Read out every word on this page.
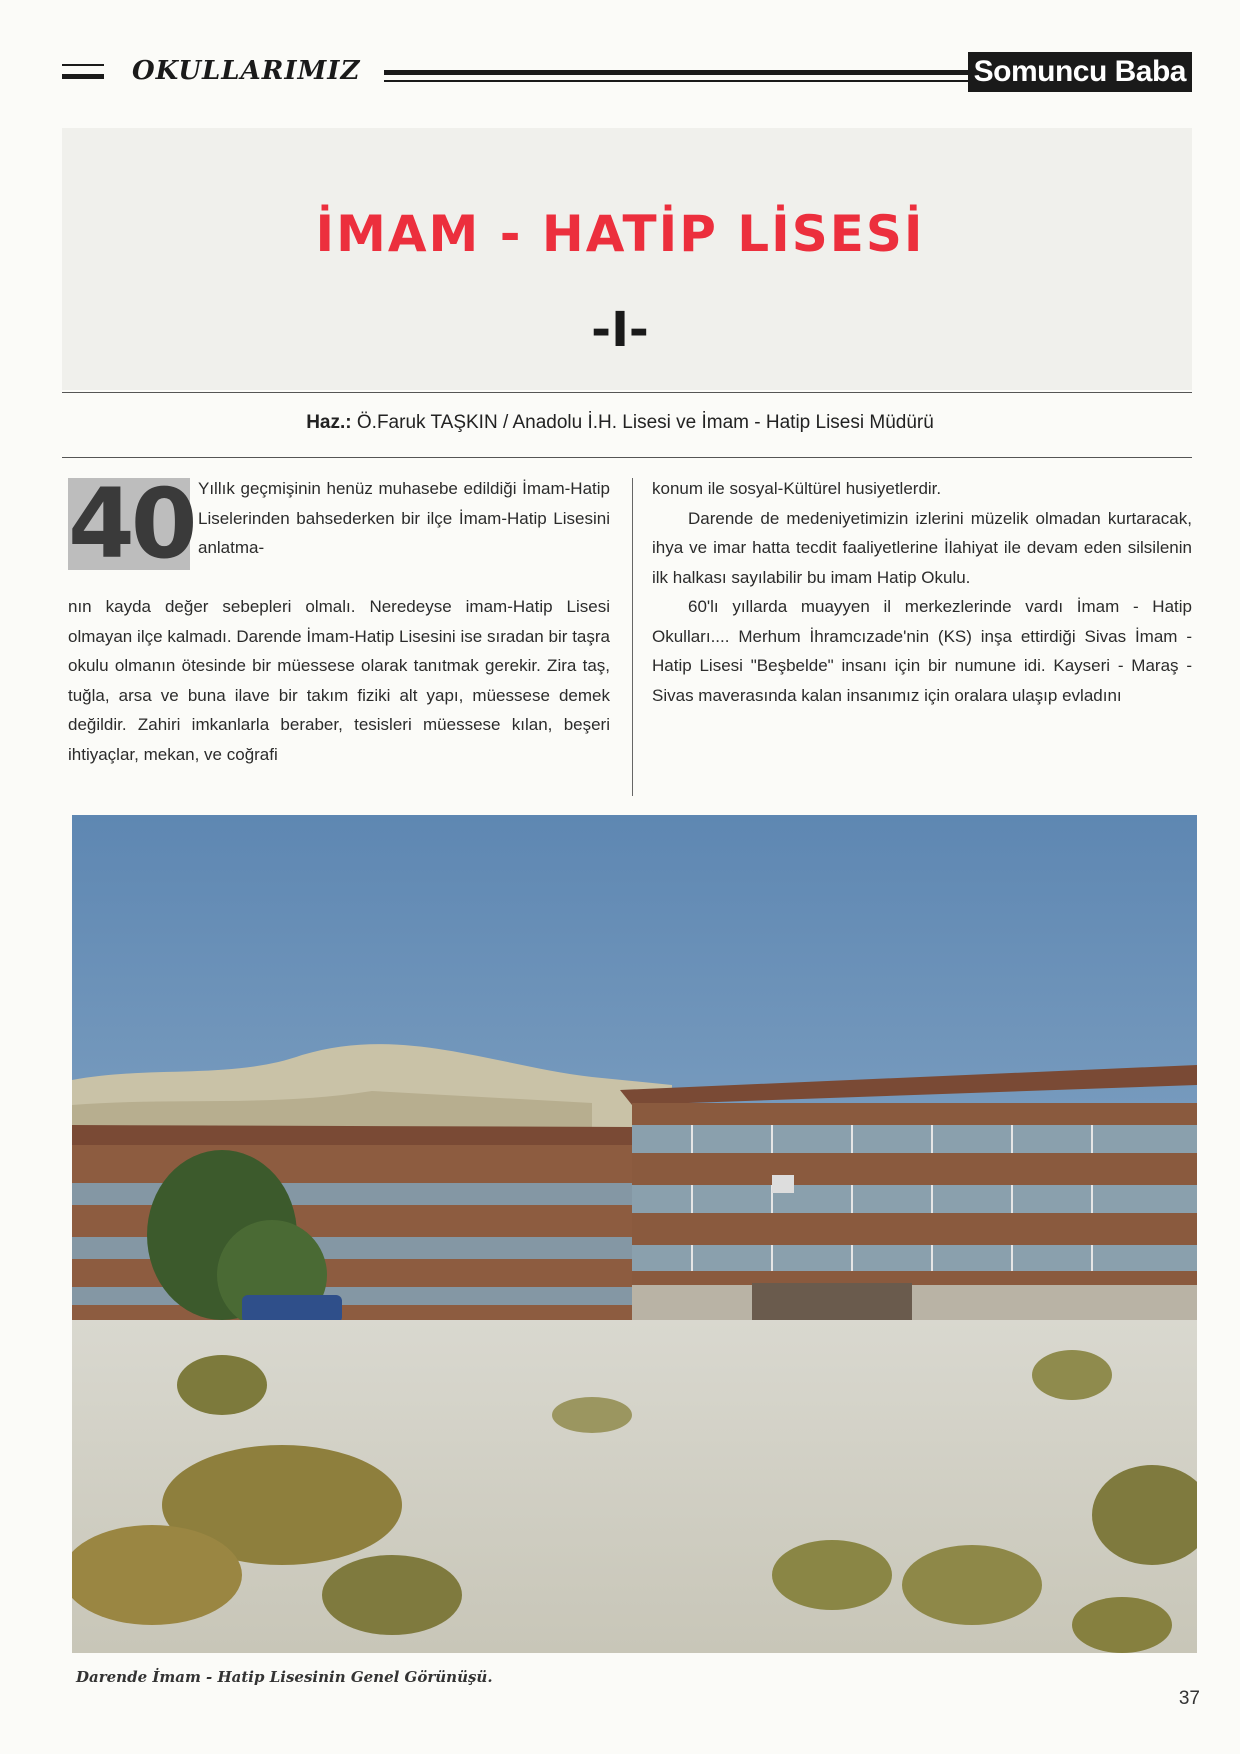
OKULLARIMIZ	Somuncu Baba
İMAM - HATİP LİSESİ
-I-
Haz.: Ö.Faruk TAŞKIN / Anadolu İ.H. Lisesi ve İmam - Hatip Lisesi Müdürü
40 Yıllık geçmişinin henüz muhasebe edildiği İmam-Hatip Liselerinden bahsederken bir ilçe İmam-Hatip Lisesini anlatma-

nın kayda değer sebepleri olmalı. Neredeyse imam-Hatip Lisesi olmayan ilçe kalmadı. Darende İmam-Hatip Lisesini ise sıradan bir taşra okulu olmanın ötesinde bir müessese olarak tanıtmak gerekir. Zira taş, tuğla, arsa ve buna ilave bir takım fiziki alt yapı, müessese demek değildir. Zahiri imkanlarla beraber, tesisleri müessese kılan, beşeri ihtiyaçlar, mekan, ve coğrafi

konum ile sosyal-Kültürel husiyetlerdir.

Darende de medeniyetimizin izlerini müzelik olmadan kurtaracak, ihya ve imar hatta tecdit faaliyetlerine İlahiyat ile devam eden silsilenin ilk halkası sayılabilir bu imam Hatip Okulu.

60'lı yıllarda muayyen il merkezlerinde vardı İmam - Hatip Okulları.... Merhum İhramcızade'nin (KS) inşa ettirdiği Sivas İmam - Hatip Lisesi "Beşbelde" insanı için bir numune idi. Kayseri - Maraş - Sivas maverasında kalan insanımız için oralara ulaşıp evladını

Darende İmam - Hatip Lisesinin Genel Görünüşü.
37
